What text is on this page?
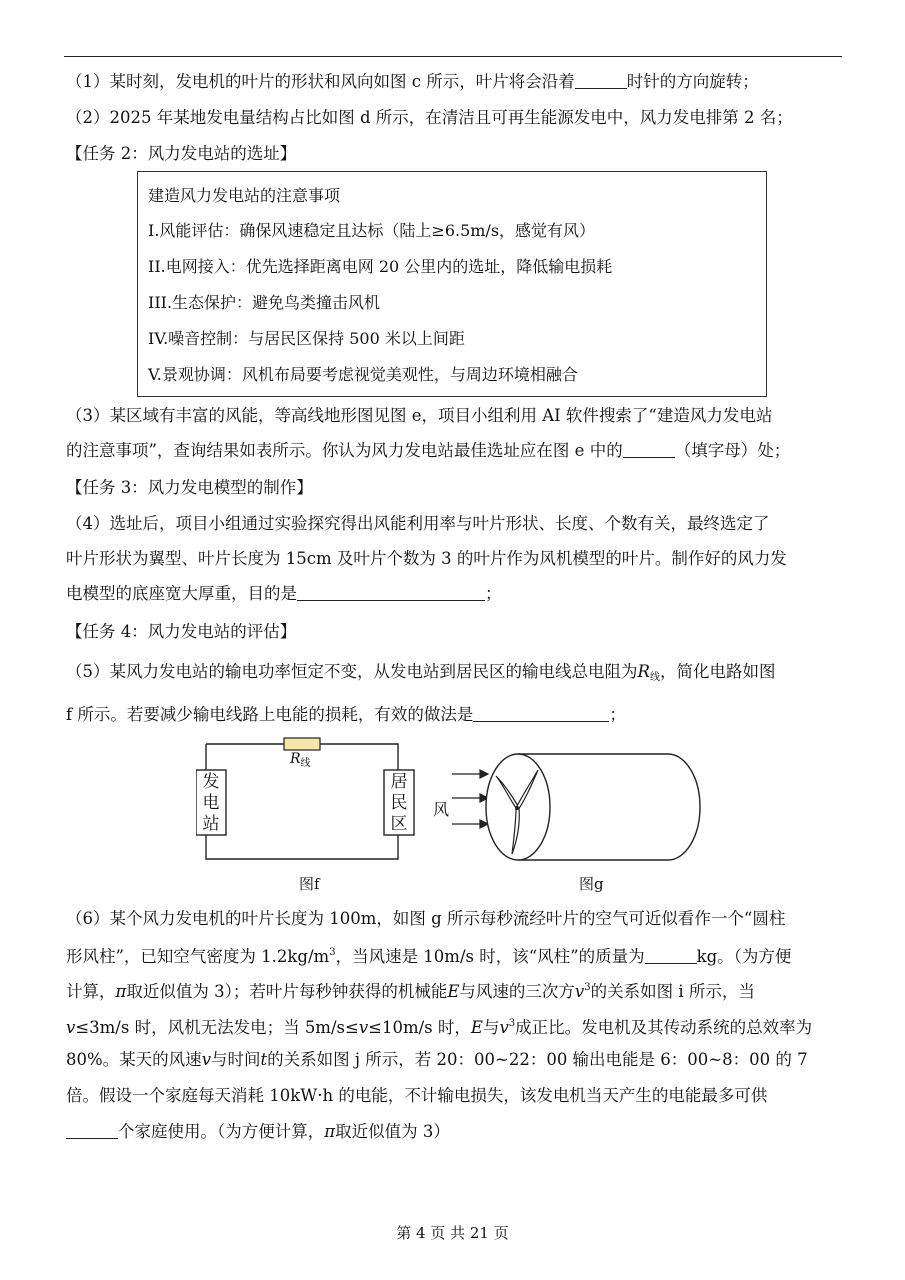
（1）某时刻，发电机的叶片的形状和风向如图 c 所示，叶片将会沿着	时针的方向旋转；
（2）2025 年某地发电量结构占比如图 d 所示，在清洁且可再生能源发电中，风力发电排第 2 名；
【任务 2：风力发电站的选址】
建造风力发电站的注意事项
I.风能评估：确保风速稳定且达标（陆上≥6.5m/s，感觉有风）
II.电网接入：优先选择距离电网 20 公里内的选址，降低输电损耗
III.生态保护：避免鸟类撞击风机
IV.噪音控制：与居民区保持 500 米以上间距
V.景观协调：风机布局要考虑视觉美观性，与周边环境相融合
（3）某区域有丰富的风能，等高线地形图见图 e，项目小组利用 AI 软件搜索了“建造风力发电站
的注意事项”，查询结果如表所示。你认为风力发电站最佳选址应在图 e 中的	（填字母）处；
【任务 3：风力发电模型的制作】
（4）选址后，项目小组通过实验探究得出风能利用率与叶片形状、长度、个数有关，最终选定了
叶片形状为翼型、叶片长度为 15cm 及叶片个数为 3 的叶片作为风机模型的叶片。制作好的风力发
电模型的底座宽大厚重，目的是	；
【任务 4：风力发电站的评估】
（5）某风力发电站的输电功率恒定不变，从发电站到居民区的输电线总电阻为$R_线$，简化电路如图
f 所示。若要减少输电线路上电能的损耗，有效的做法是	；
$R_线$
发
电
站
居
民
区
图f
风
图g
（6）某个风力发电机的叶片长度为 100m，如图 g 所示每秒流经叶片的空气可近似看作一个“圆柱
形风柱”，已知空气密度为 $1.2kg/m^3$，当风速是 10m/s 时，该“风柱”的质量为	kg。（为方便
计算，π取近似值为 3）；若叶片每秒钟获得的机械能E与风速的三次方$v^3$的关系如图 i 所示，当
v≤3m/s 时，风机无法发电；当 5m/s≤v≤10m/s 时，E与$v^3$成正比。发电机及其传动系统的总效率为
80%。某天的风速v与时间t的关系如图 j 所示，若 20：00~22：00 输出电能是 6：00~8：00 的 7
倍。假设一个家庭每天消耗 10kW·h 的电能，不计输电损失，该发电机当天产生的电能最多可供
个家庭使用。（为方便计算，π取近似值为 3）
第 4 页 共 21 页
